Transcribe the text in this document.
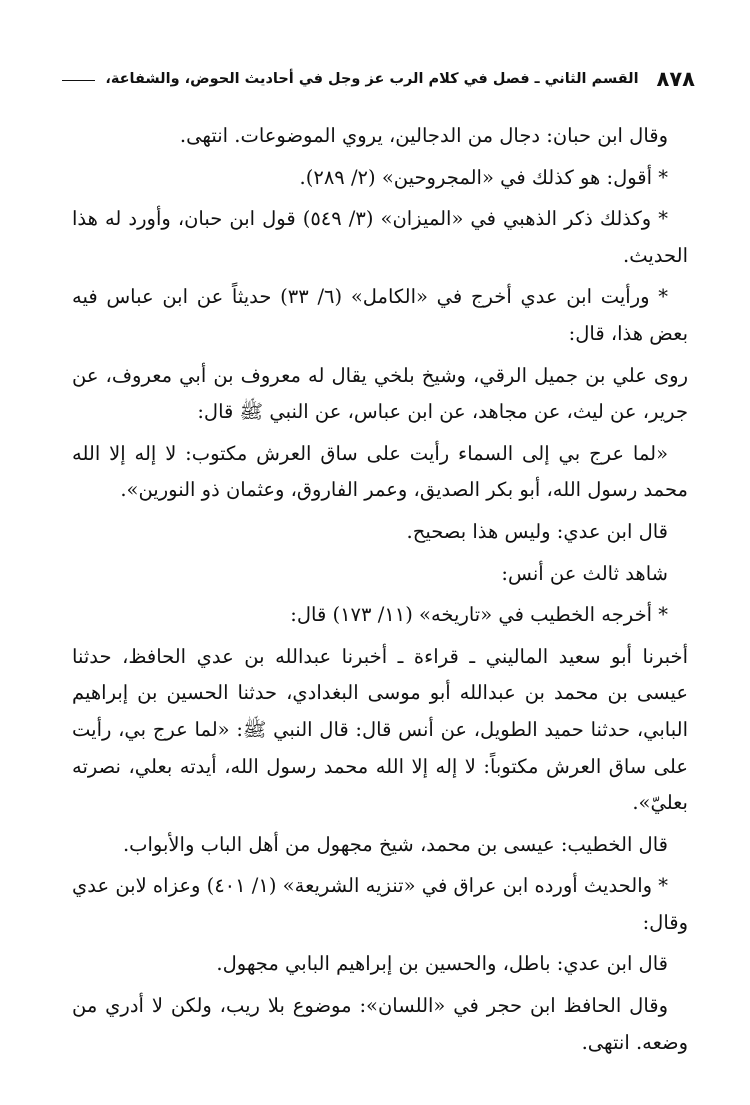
٨٧٨
القسم الثاني ـ فصل في كلام الرب عز وجل في أحاديث الحوض، والشفاعة،

وقال ابن حبان: دجال من الدجالين، يروي الموضوعات. انتهى.

* أقول: هو كذلك في «المجروحين» (٢/ ٢٨٩).

* وكذلك ذكر الذهبي في «الميزان» (٣/ ٥٤٩) قول ابن حبان، وأورد له هذا الحديث.

* ورأيت ابن عدي أخرج في «الكامل» (٦/ ٣٣) حديثاً عن ابن عباس فيه بعض هذا، قال:

روى علي بن جميل الرقي، وشيخ بلخي يقال له معروف بن أبي معروف، عن جرير، عن ليث، عن مجاهد، عن ابن عباس، عن النبي ﷺ قال:

«لما عرج بي إلى السماء رأيت على ساق العرش مكتوب: لا إله إلا الله محمد رسول الله، أبو بكر الصديق، وعمر الفاروق، وعثمان ذو النورين».

قال ابن عدي: وليس هذا بصحيح.

شاهد ثالث عن أنس:

* أخرجه الخطيب في «تاريخه» (١١/ ١٧٣) قال:

أخبرنا أبو سعيد الماليني ـ قراءة ـ أخبرنا عبدالله بن عدي الحافظ، حدثنا عيسى بن محمد بن عبدالله أبو موسى البغدادي، حدثنا الحسين بن إبراهيم البابي، حدثنا حميد الطويل، عن أنس قال: قال النبي ﷺ: «لما عرج بي، رأيت على ساق العرش مكتوباً: لا إله إلا الله محمد رسول الله، أيدته بعلي، نصرته بعليّ».

قال الخطيب: عيسى بن محمد، شيخ مجهول من أهل الباب والأبواب.

* والحديث أورده ابن عراق في «تنزيه الشريعة» (١/ ٤٠١) وعزاه لابن عدي وقال:

قال ابن عدي: باطل، والحسين بن إبراهيم البابي مجهول.

وقال الحافظ ابن حجر في «اللسان»: موضوع بلا ريب، ولكن لا أدري من وضعه. انتهى.
